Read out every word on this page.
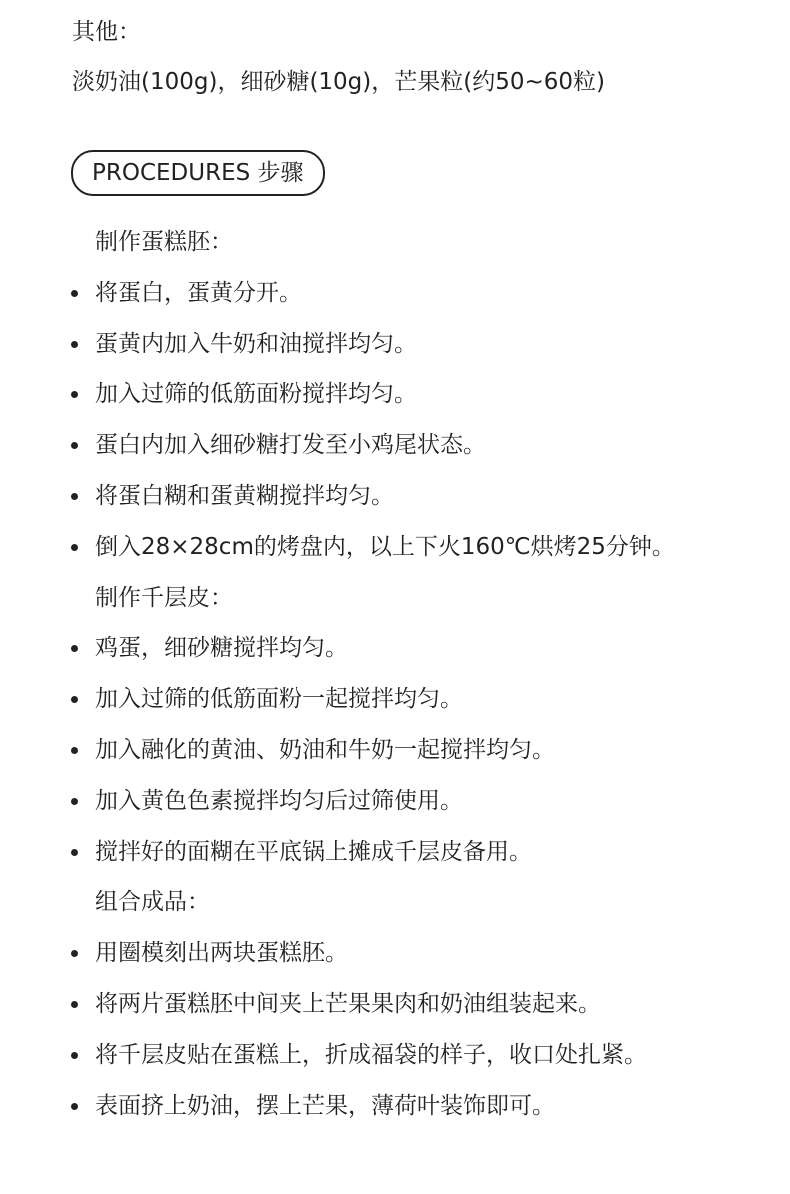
其他：
淡奶油(100g)，细砂糖(10g)，芒果粒(约50~60粒)
PROCEDURES 步骤
制作蛋糕胚：
将蛋白，蛋黄分开。
蛋黄内加入牛奶和油搅拌均匀。
加入过筛的低筋面粉搅拌均匀。
蛋白内加入细砂糖打发至小鸡尾状态。
将蛋白糊和蛋黄糊搅拌均匀。
倒入28×28cm的烤盘内，以上下火160℃烘烤25分钟。
制作千层皮：
鸡蛋，细砂糖搅拌均匀。
加入过筛的低筋面粉一起搅拌均匀。
加入融化的黄油、奶油和牛奶一起搅拌均匀。
加入黄色色素搅拌均匀后过筛使用。
搅拌好的面糊在平底锅上摊成千层皮备用。
组合成品：
用圈模刻出两块蛋糕胚。
将两片蛋糕胚中间夹上芒果果肉和奶油组装起来。
将千层皮贴在蛋糕上，折成福袋的样子，收口处扎紧。
表面挤上奶油，摆上芒果，薄荷叶装饰即可。
